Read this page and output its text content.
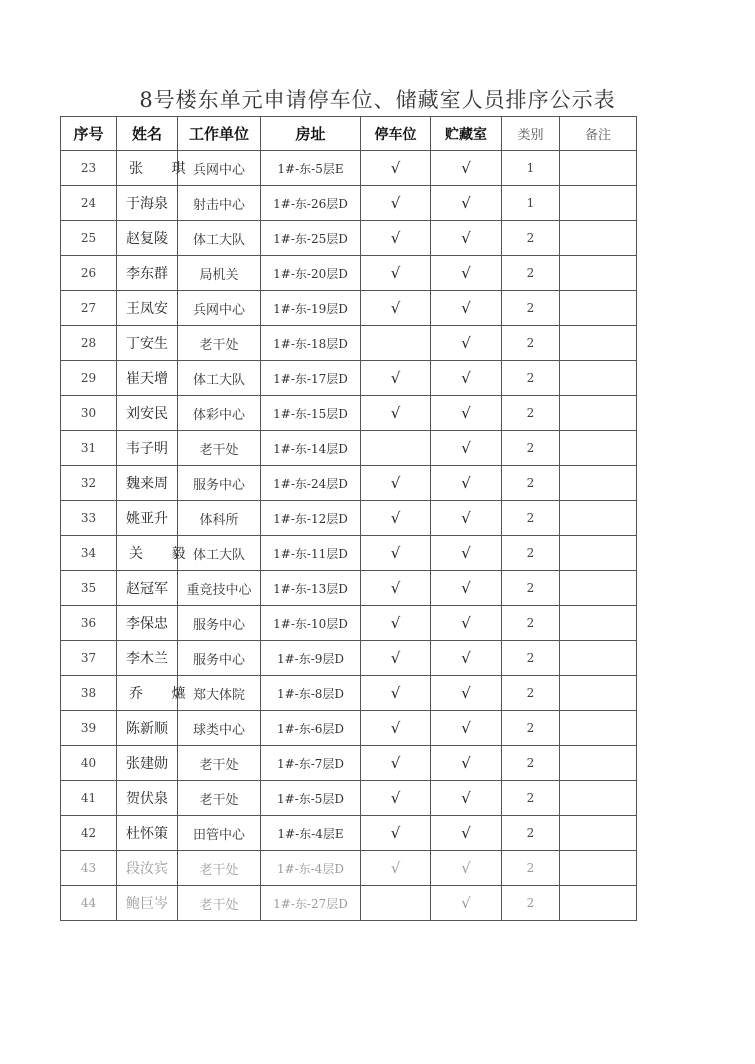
8号楼东单元申请停车位、储藏室人员排序公示表
序号	姓名	工作单位	房址	停车位	贮藏室	类别	备注
23	张 琪	兵网中心	1#-东-5层E	√	√	1	
24	于海泉	射击中心	1#-东-26层D	√	√	1	
25	赵复陵	体工大队	1#-东-25层D	√	√	2	
26	李东群	局机关	1#-东-20层D	√	√	2	
27	王凤安	兵网中心	1#-东-19层D	√	√	2	
28	丁安生	老干处	1#-东-18层D		√	2	
29	崔天增	体工大队	1#-东-17层D	√	√	2	
30	刘安民	体彩中心	1#-东-15层D	√	√	2	
31	韦子明	老干处	1#-东-14层D		√	2	
32	魏来周	服务中心	1#-东-24层D	√	√	2	
33	姚亚升	体科所	1#-东-12层D	√	√	2	
34	关 毅	体工大队	1#-东-11层D	√	√	2	
35	赵冠军	重竞技中心	1#-东-13层D	√	√	2	
36	李保忠	服务中心	1#-东-10层D	√	√	2	
37	李木兰	服务中心	1#-东-9层D	√	√	2	
38	乔 爊	郑大体院	1#-东-8层D	√	√	2	
39	陈新顺	球类中心	1#-东-6层D	√	√	2	
40	张建勋	老干处	1#-东-7层D	√	√	2	
41	贺伏泉	老干处	1#-东-5层D	√	√	2	
42	杜怀策	田管中心	1#-东-4层E	√	√	2	
43	段汝宾	老干处	1#-东-4层D	√	√	2	
44	鲍巨岑	老干处	1#-东-27层D		√	2	
